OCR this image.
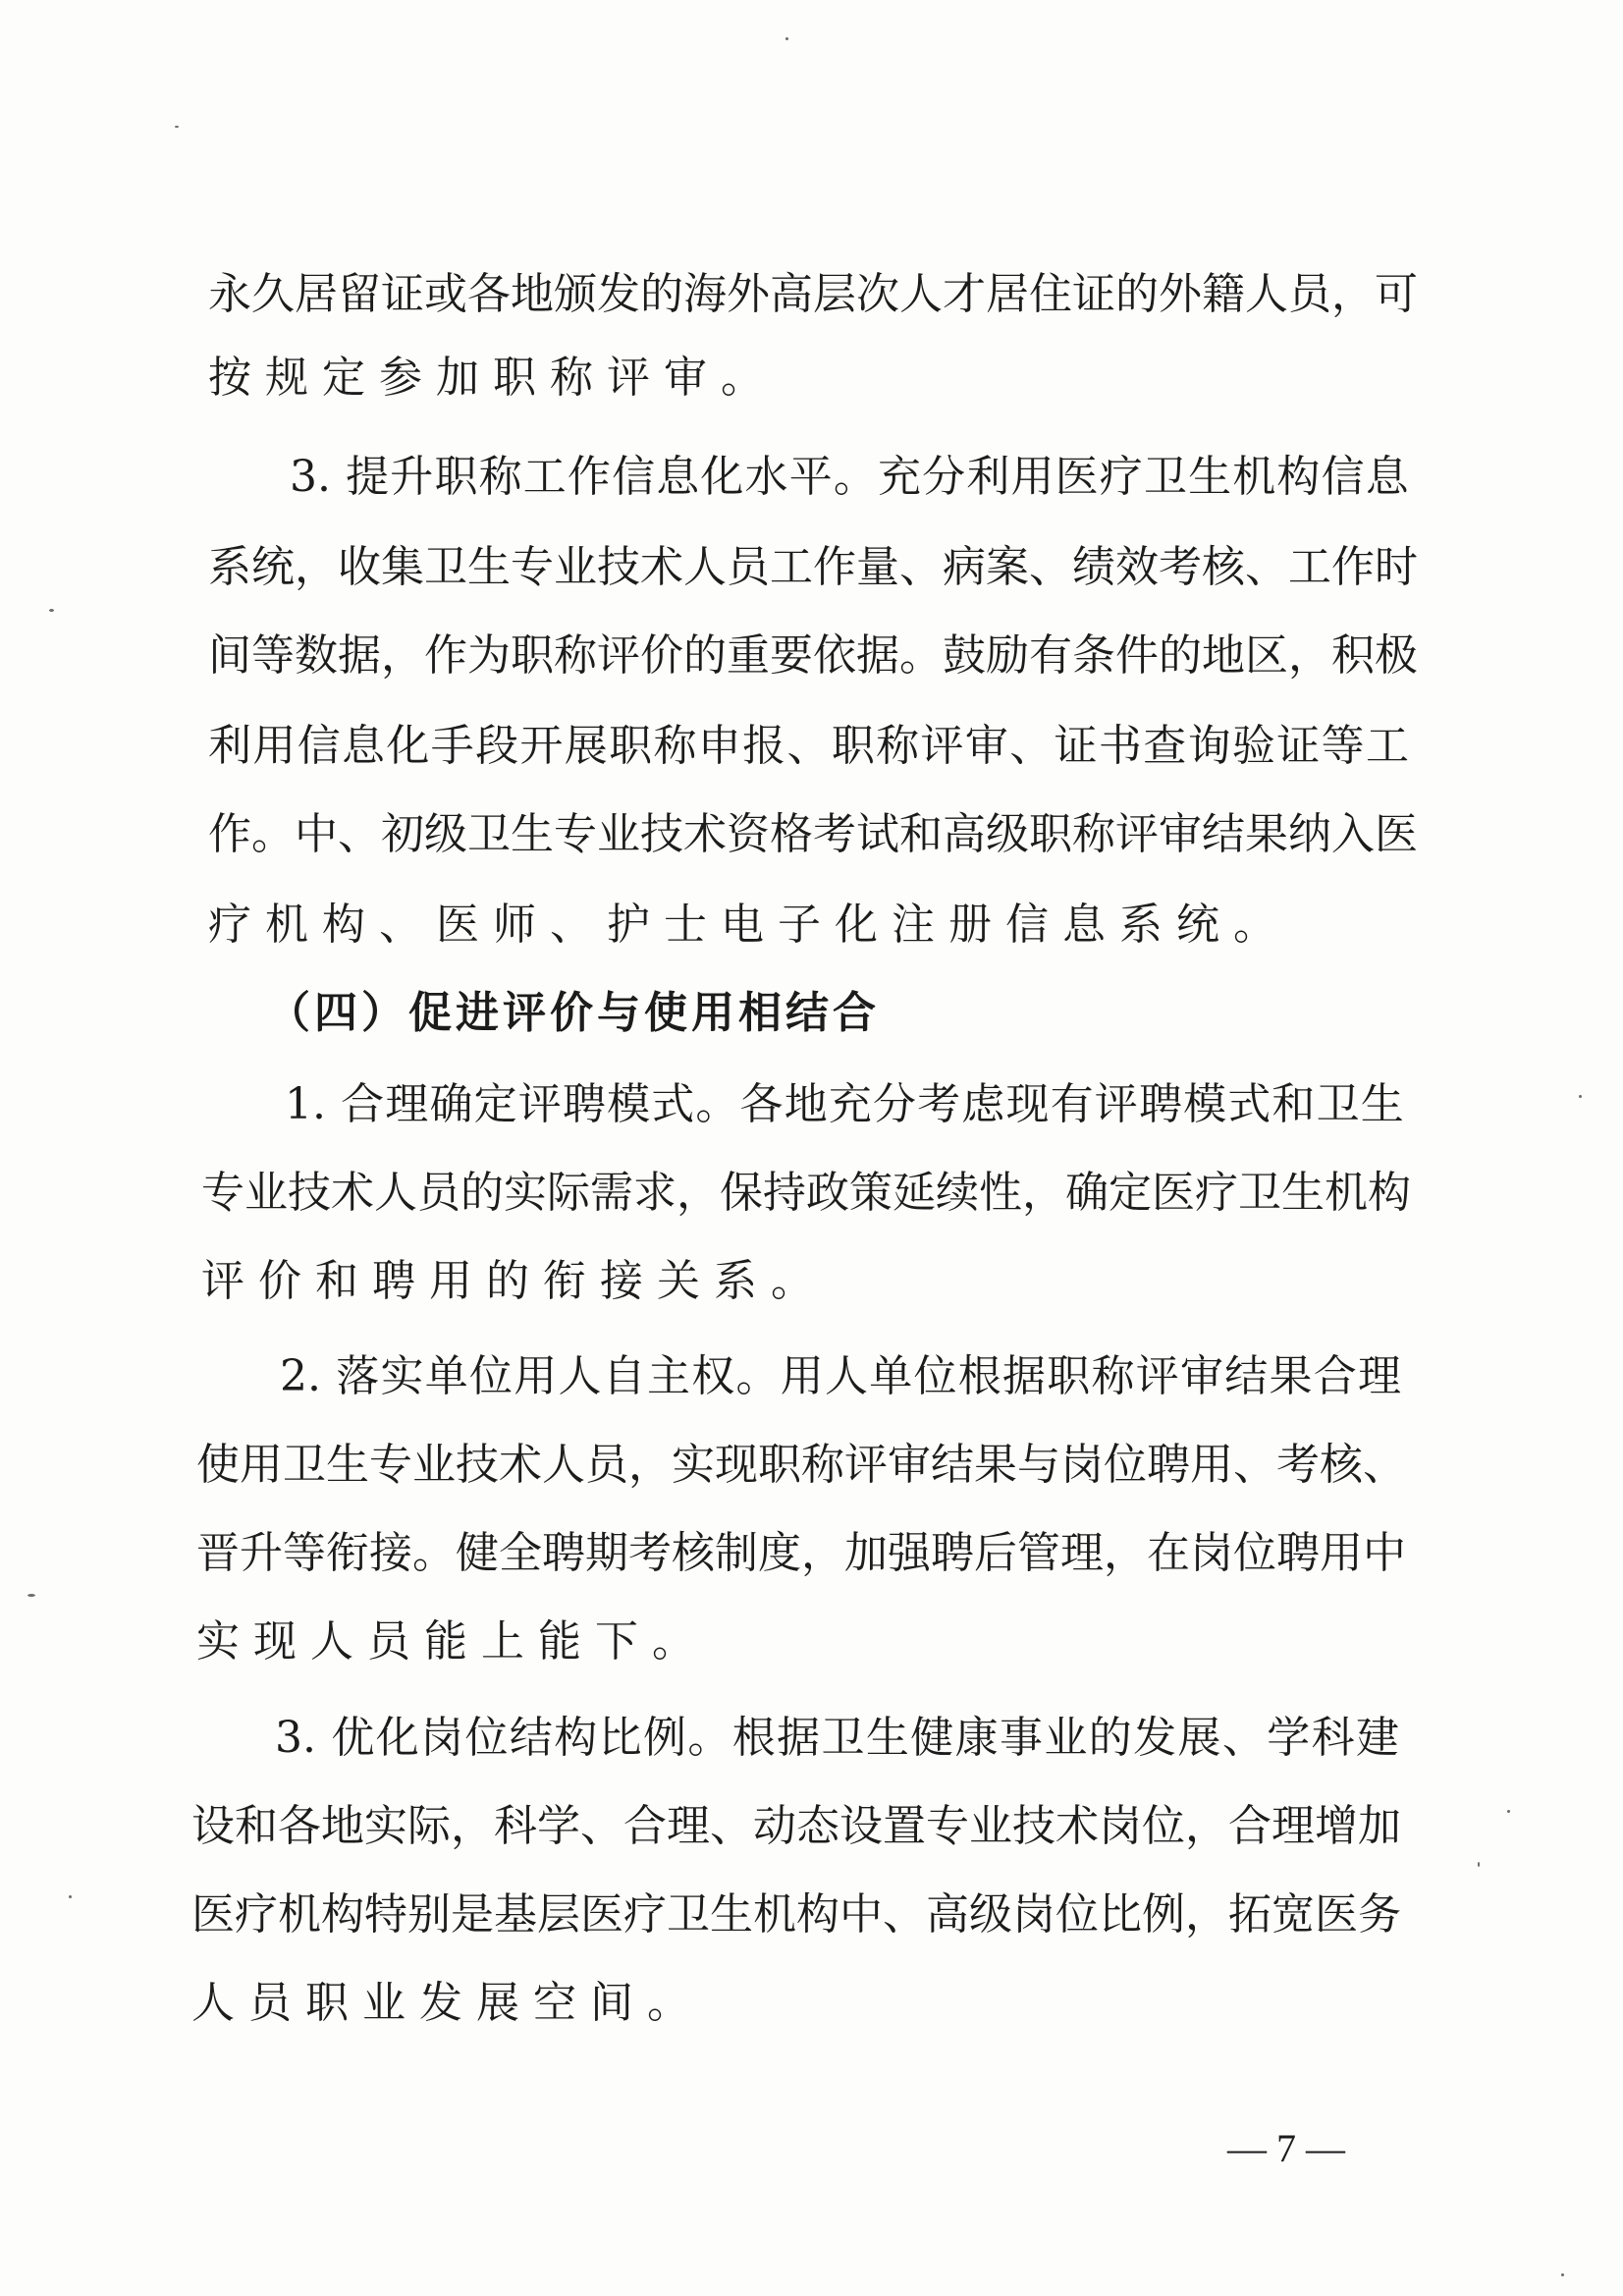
永 久 居 留 证 或 各 地 颁 发 的 海 外 高 层 次 人 才 居 住 证 的 外 籍 人 员 ， 可
按规定参加职称评审。
3. 提 升 职 称 工 作 信 息 化 水 平 。 充 分 利 用 医 疗 卫 生 机 构 信 息
系 统 ， 收 集 卫 生 专 业 技 术 人 员 工 作 量 、 病 案 、 绩 效 考 核 、 工 作 时
间 等 数 据 ， 作 为 职 称 评 价 的 重 要 依 据 。 鼓 励 有 条 件 的 地 区 ， 积 极
利 用 信 息 化 手 段 开 展 职 称 申 报 、 职 称 评 审 、 证 书 查 询 验 证 等 工
作 。 中 、 初 级 卫 生 专 业 技 术 资 格 考 试 和 高 级 职 称 评 审 结 果 纳 入 医
疗机构、医师、护士电子化注册信息系统。
（四）促进评价与使用相结合
1. 合 理 确 定 评 聘 模 式 。 各 地 充 分 考 虑 现 有 评 聘 模 式 和 卫 生
专 业 技 术 人 员 的 实 际 需 求 ， 保 持 政 策 延 续 性 ， 确 定 医 疗 卫 生 机 构
评价和聘用的衔接关系。
2. 落 实 单 位 用 人 自 主 权 。 用 人 单 位 根 据 职 称 评 审 结 果 合 理
使 用 卫 生 专 业 技 术 人 员 ， 实 现 职 称 评 审 结 果 与 岗 位 聘 用 、 考 核 、
晋 升 等 衔 接 。 健 全 聘 期 考 核 制 度 ， 加 强 聘 后 管 理 ， 在 岗 位 聘 用 中
实现人员能上能下。
3. 优 化 岗 位 结 构 比 例 。 根 据 卫 生 健 康 事 业 的 发 展 、 学 科 建
设 和 各 地 实 际 ， 科 学 、 合 理 、 动 态 设 置 专 业 技 术 岗 位 ， 合 理 增 加
医 疗 机 构 特 别 是 基 层 医 疗 卫 生 机 构 中 、 高 级 岗 位 比 例 ， 拓 宽 医 务
人员职业发展空间。
— 7 —
